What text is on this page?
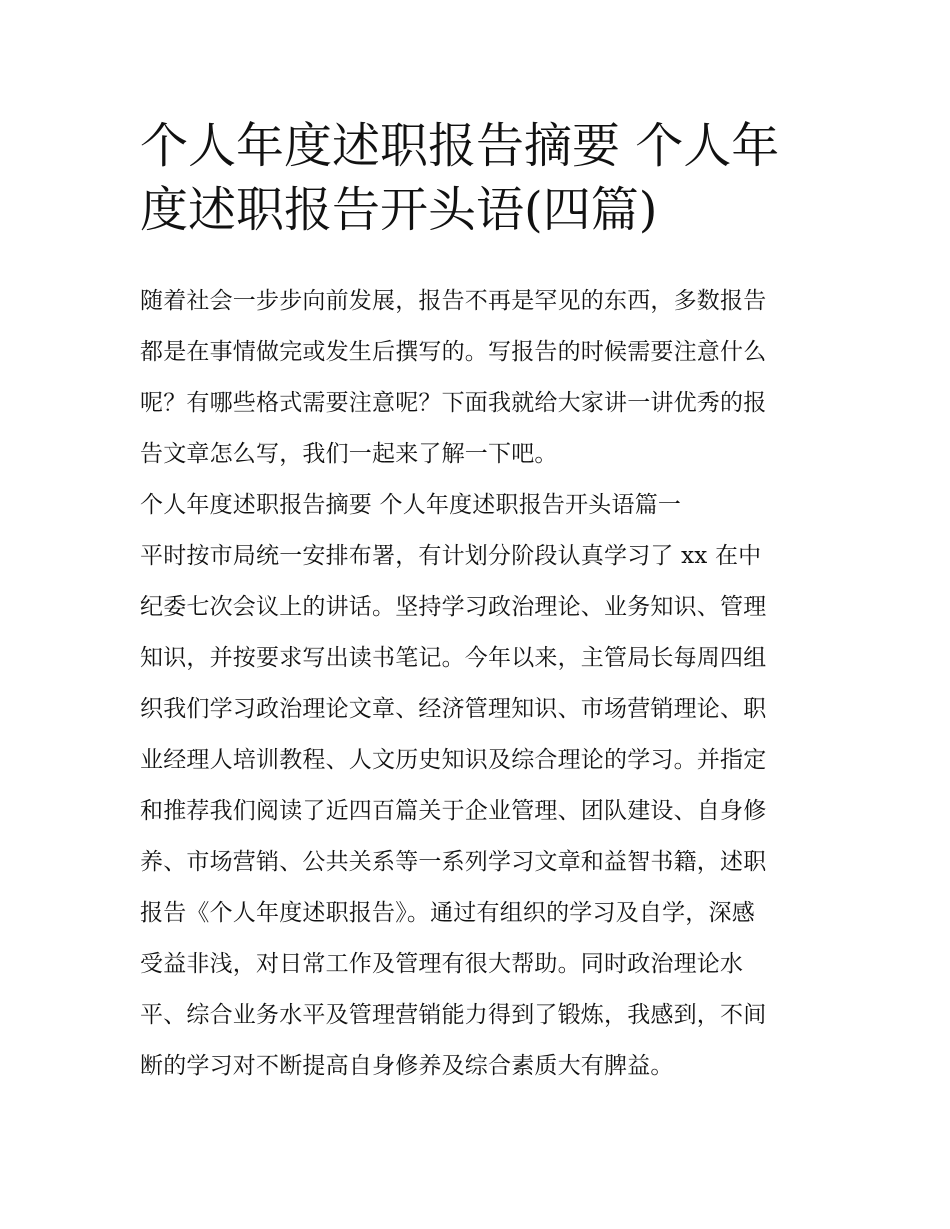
个人年度述职报告摘要 个人年
度述职报告开头语(四篇)
随着社会一步步向前发展，报告不再是罕见的东西，多数报告
都是在事情做完或发生后撰写的。写报告的时候需要注意什么
呢？有哪些格式需要注意呢？下面我就给大家讲一讲优秀的报
告文章怎么写，我们一起来了解一下吧。
个人年度述职报告摘要 个人年度述职报告开头语篇一
平时按市局统一安排布署，有计划分阶段认真学习了 xx 在中
纪委七次会议上的讲话。坚持学习政治理论、业务知识、管理
知识，并按要求写出读书笔记。今年以来，主管局长每周四组
织我们学习政治理论文章、经济管理知识、市场营销理论、职
业经理人培训教程、人文历史知识及综合理论的学习。并指定
和推荐我们阅读了近四百篇关于企业管理、团队建设、自身修
养、市场营销、公共关系等一系列学习文章和益智书籍，述职
报告《个人年度述职报告》。通过有组织的学习及自学，深感
受益非浅，对日常工作及管理有很大帮助。同时政治理论水
平、综合业务水平及管理营销能力得到了锻炼，我感到，不间
断的学习对不断提高自身修养及综合素质大有脾益。
